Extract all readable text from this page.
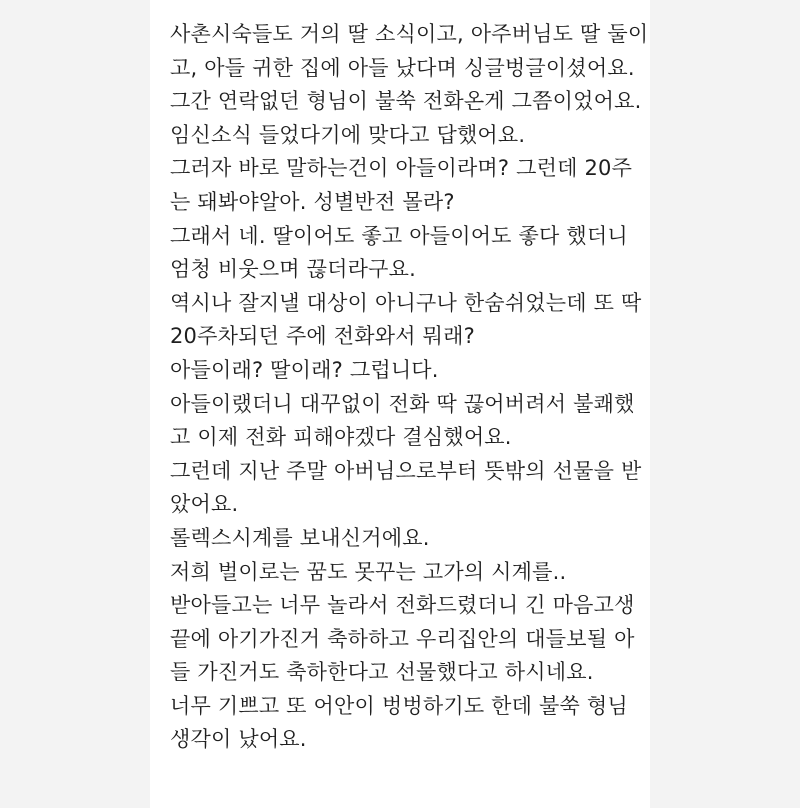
사촌시숙들도 거의 딸 소식이고, 아주버님도 딸 둘이
고, 아들 귀한 집에 아들 났다며 싱글벙글이셨어요.
그간 연락없던 형님이 불쑥 전화온게 그쯤이었어요.
임신소식 들었다기에 맞다고 답했어요.
그러자 바로 말하는건이 아들이라며? 그런데 20주
는 돼봐야알아. 성별반전 몰라?
그래서 네. 딸이어도 좋고 아들이어도 좋다 했더니
엄청 비웃으며 끊더라구요.
역시나 잘지낼 대상이 아니구나 한숨쉬었는데 또 딱
20주차되던 주에 전화와서 뭐래?
아들이래? 딸이래? 그럽니다.
아들이랬더니 대꾸없이 전화 딱 끊어버려서 불쾌했
고 이제 전화 피해야겠다 결심했어요.
그런데 지난 주말 아버님으로부터 뜻밖의 선물을 받
았어요.
롤렉스시계를 보내신거에요.
저희 벌이로는 꿈도 못꾸는 고가의 시계를..
받아들고는 너무 놀라서 전화드렸더니 긴 마음고생
끝에 아기가진거 축하하고 우리집안의 대들보될 아
들 가진거도 축하한다고 선물했다고 하시네요.
너무 기쁘고 또 어안이 벙벙하기도 한데 불쑥 형님
생각이 났어요.
